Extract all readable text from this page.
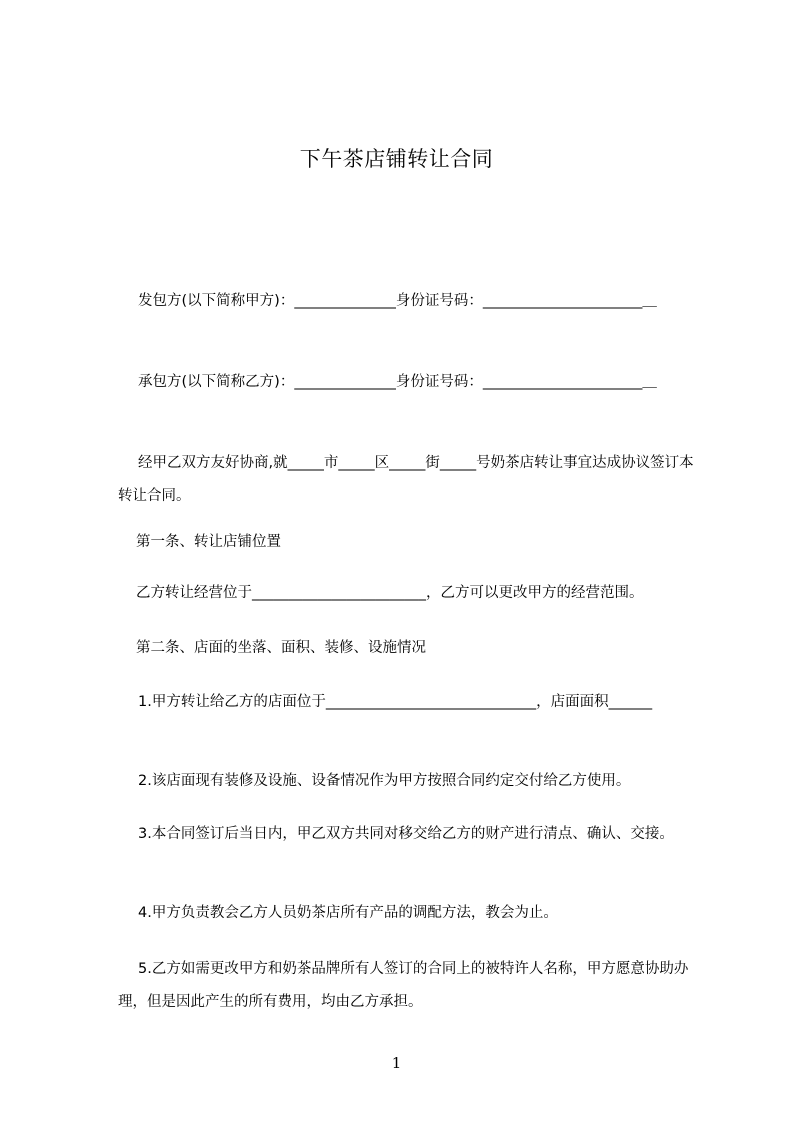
下午茶店铺转让合同

发包方(以下简称甲方)：______________身份证号码：______________________＿

承包方(以下简称乙方)：______________身份证号码：______________________＿

经甲乙双方友好协商,就_____市_____区_____街_____号奶茶店转让事宜达成协议签订本转让合同。

第一条、转让店铺位置

乙方转让经营位于________________________，乙方可以更改甲方的经营范围。

第二条、店面的坐落、面积、装修、设施情况

1.甲方转让给乙方的店面位于_____________________________，店面面积______

2.该店面现有装修及设施、设备情况作为甲方按照合同约定交付给乙方使用。

3.本合同签订后当日内，甲乙双方共同对移交给乙方的财产进行清点、确认、交接。

4.甲方负责教会乙方人员奶茶店所有产品的调配方法，教会为止。

5.乙方如需更改甲方和奶茶品牌所有人签订的合同上的被特许人名称，甲方愿意协助办理，但是因此产生的所有费用，均由乙方承担。

1
